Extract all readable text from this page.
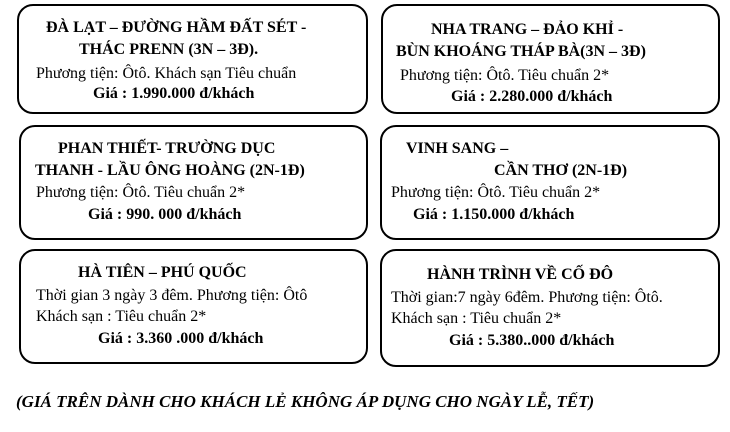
ĐÀ LẠT – ĐƯỜNG HẦM ĐẤT SÉT -
THÁC PRENN (3N – 3Đ).
Phương tiện: Ôtô. Khách sạn Tiêu chuẩn
Giá : 1.990.000 đ/khách
NHA TRANG – ĐẢO KHỈ -
BÙN KHOÁNG THÁP BÀ(3N – 3Đ)
Phương tiện: Ôtô. Tiêu chuẩn 2*
Giá : 2.280.000 đ/khách
PHAN THIẾT- TRƯỜNG DỤC
THANH - LẦU ÔNG HOÀNG (2N-1Đ)
Phương tiện: Ôtô. Tiêu chuẩn 2*
Giá : 990. 000 đ/khách
VINH SANG –
CẦN THƠ (2N-1Đ)
Phương tiện: Ôtô. Tiêu chuẩn 2*
Giá : 1.150.000 đ/khách
HÀ TIÊN – PHÚ QUỐC
Thời gian 3 ngày 3 đêm. Phương tiện: Ôtô
Khách sạn : Tiêu chuẩn 2*
Giá : 3.360 .000 đ/khách
HÀNH TRÌNH VỀ CỐ ĐÔ
Thời gian:7 ngày 6đêm. Phương tiện: Ôtô.
Khách sạn : Tiêu chuẩn 2*
Giá : 5.380..000 đ/khách
(GIÁ TRÊN DÀNH CHO KHÁCH LẺ KHÔNG ÁP DỤNG CHO NGÀY LỄ, TẾT)
